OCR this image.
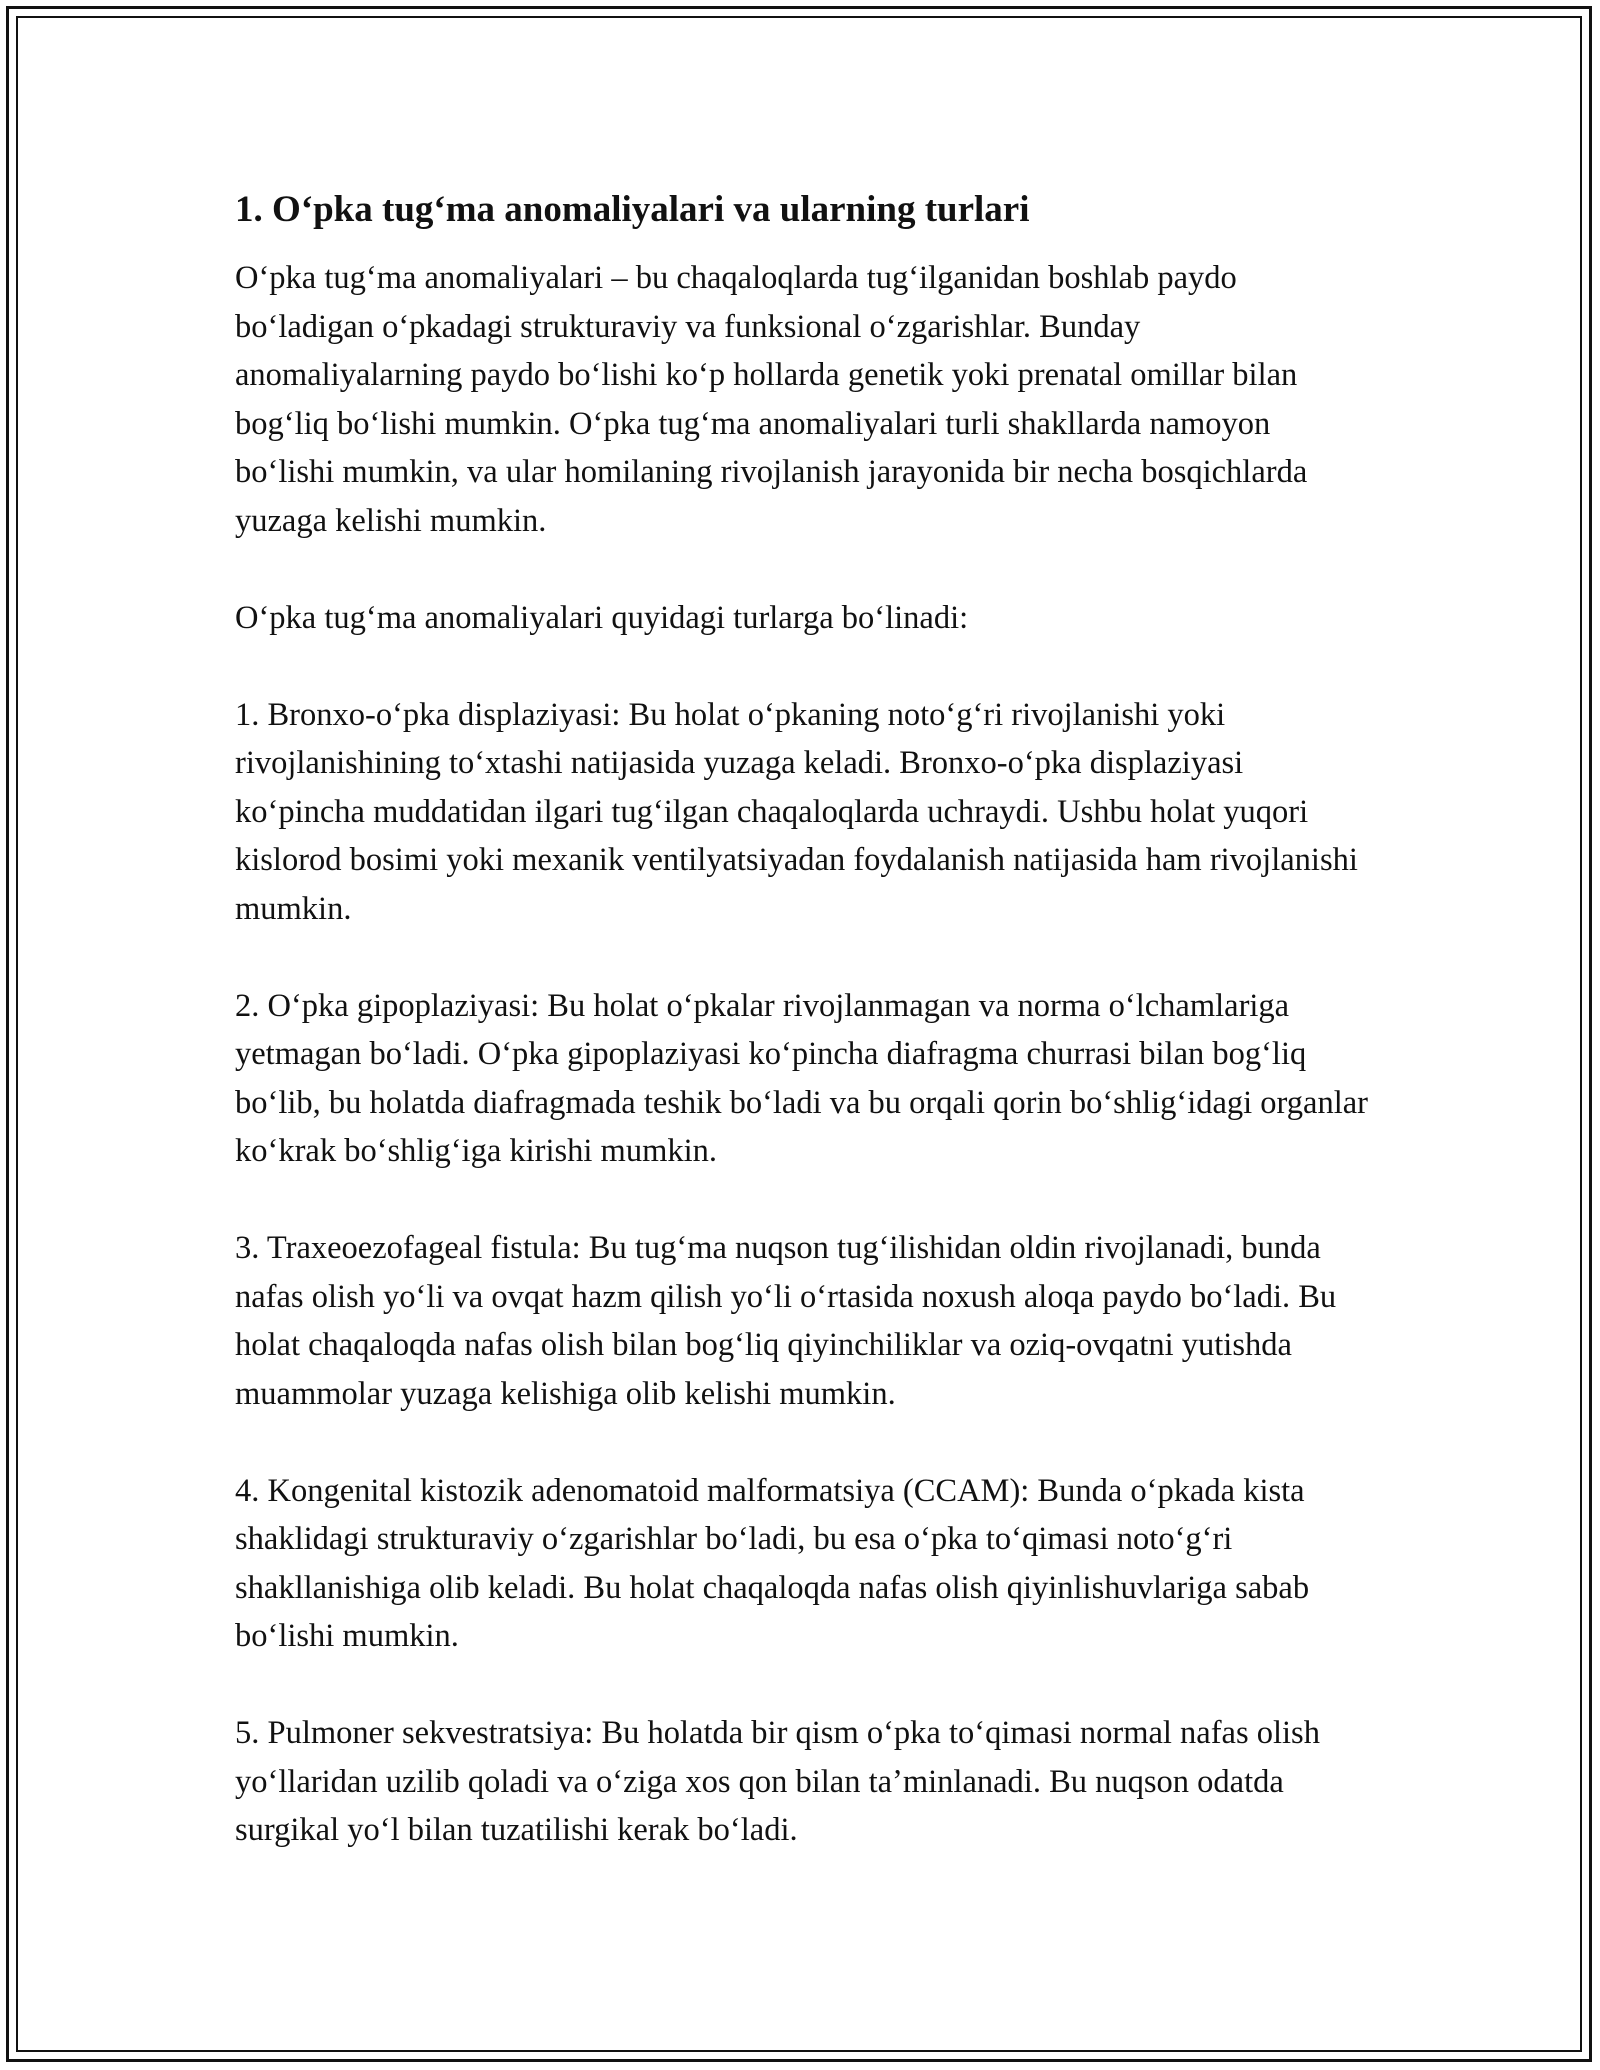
1. Oʻpka tugʻma anomaliyalari va ularning turlari

Oʻpka tugʻma anomaliyalari – bu chaqaloqlarda tugʻilganidan boshlab paydo boʻladigan oʻpkadagi strukturaviy va funksional oʻzgarishlar. Bunday anomaliyalarning paydo boʻlishi koʻp hollarda genetik yoki prenatal omillar bilan bogʻliq boʻlishi mumkin. Oʻpka tugʻma anomaliyalari turli shakllarda namoyon boʻlishi mumkin, va ular homilaning rivojlanish jarayonida bir necha bosqichlarda yuzaga kelishi mumkin.

Oʻpka tugʻma anomaliyalari quyidagi turlarga boʻlinadi:

1. Bronxo-oʻpka displaziyasi: Bu holat oʻpkaning notoʻgʻri rivojlanishi yoki rivojlanishining toʻxtashi natijasida yuzaga keladi. Bronxo-oʻpka displaziyasi koʻpincha muddatidan ilgari tugʻilgan chaqaloqlarda uchraydi. Ushbu holat yuqori kislorod bosimi yoki mexanik ventilyatsiyadan foydalanish natijasida ham rivojlanishi mumkin.

2. Oʻpka gipoplaziyasi: Bu holat oʻpkalar rivojlanmagan va norma oʻlchamlariga yetmagan boʻladi. Oʻpka gipoplaziyasi koʻpincha diafragma churrasi bilan bogʻliq boʻlib, bu holatda diafragmada teshik boʻladi va bu orqali qorin boʻshligʻidagi organlar koʻkrak boʻshligʻiga kirishi mumkin.

3. Traxeoezofageal fistula: Bu tugʻma nuqson tugʻilishidan oldin rivojlanadi, bunda nafas olish yoʻli va ovqat hazm qilish yoʻli oʻrtasida noxush aloqa paydo boʻladi. Bu holat chaqaloqda nafas olish bilan bogʻliq qiyinchiliklar va oziq-ovqatni yutishda muammolar yuzaga kelishiga olib kelishi mumkin.

4. Kongenital kistozik adenomatoid malformatsiya (CCAM): Bunda oʻpkada kista shaklidagi strukturaviy oʻzgarishlar boʻladi, bu esa oʻpka toʻqimasi notoʻgʻri shakllanishiga olib keladi. Bu holat chaqaloqda nafas olish qiyinlishuvlariga sabab boʻlishi mumkin.

5. Pulmoner sekvestratsiya: Bu holatda bir qism oʻpka toʻqimasi normal nafas olish yoʻllaridan uzilib qoladi va oʻziga xos qon bilan taʼminlanadi. Bu nuqson odatda surgikal yoʻl bilan tuzatilishi kerak boʻladi.
